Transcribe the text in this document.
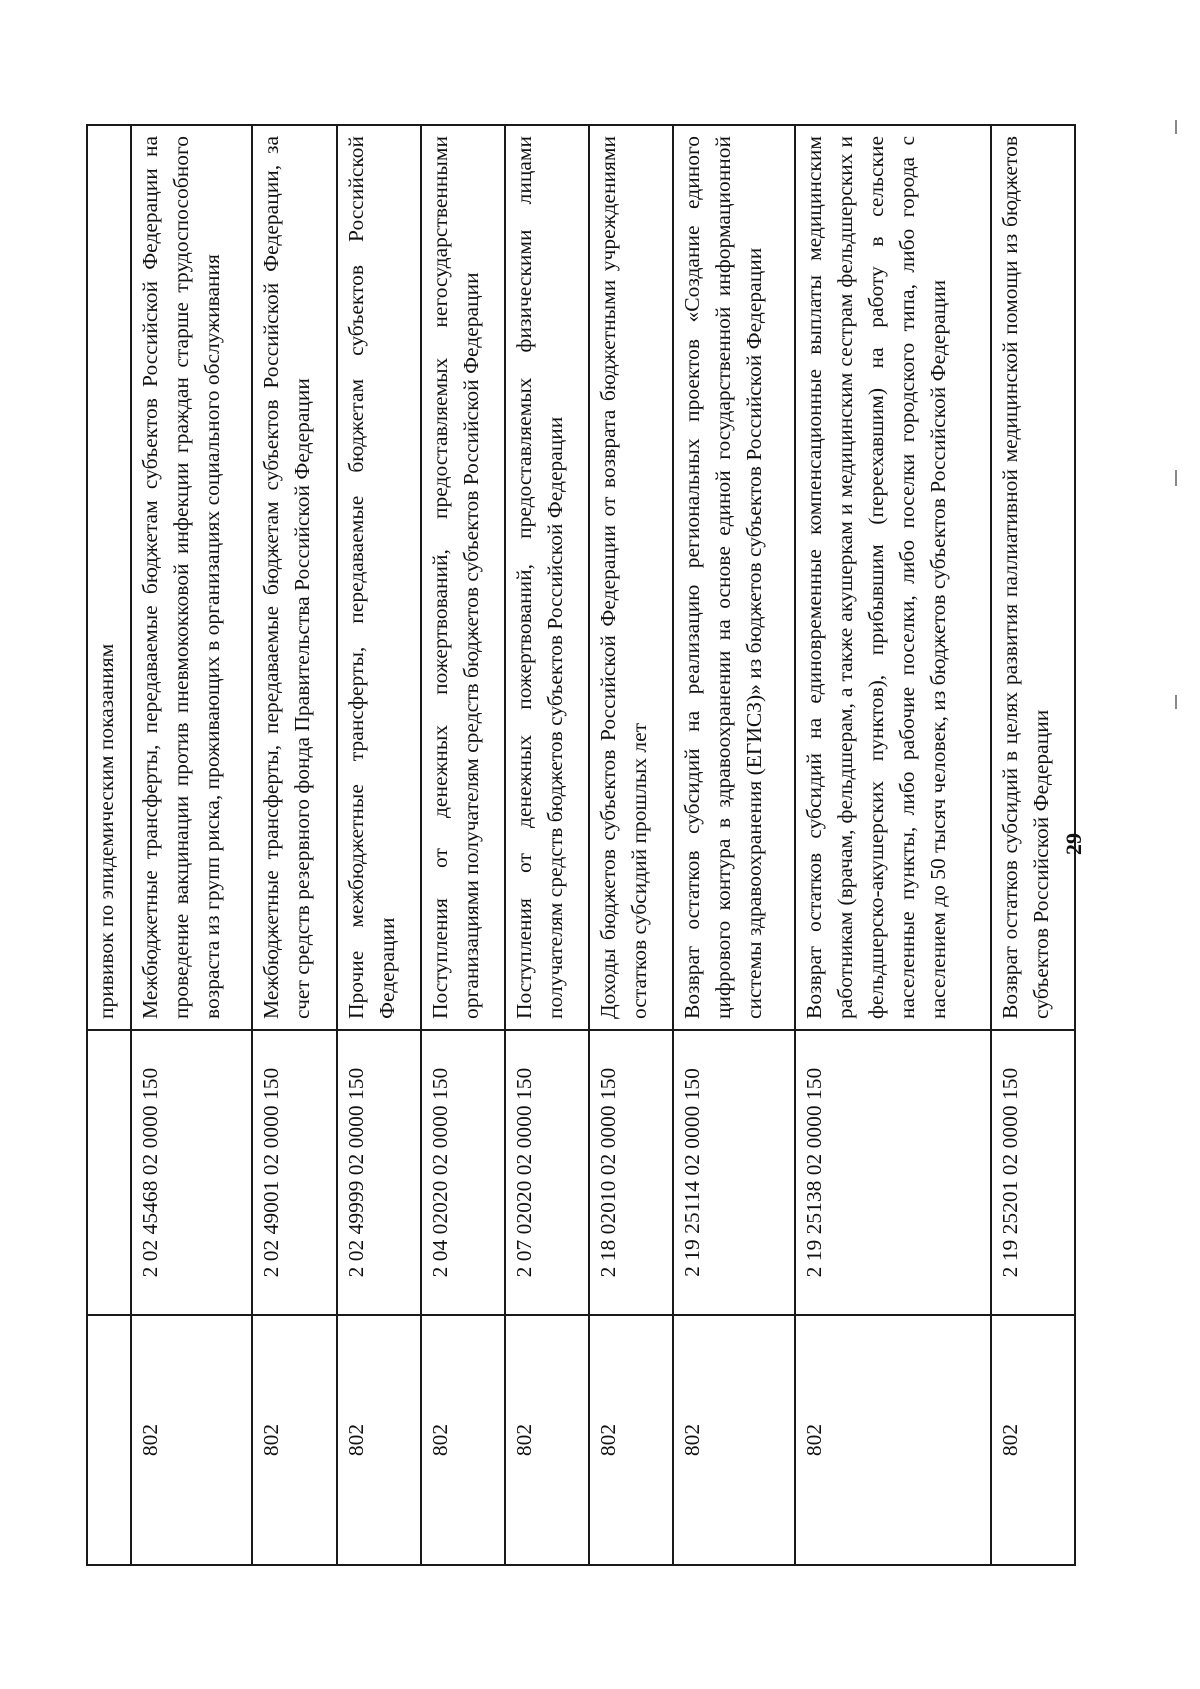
		прививок по эпидемическим показаниям
802	2 02 45468 02 0000 150	Межбюджетные трансферты, передаваемые бюджетам субъектов Российской Федерации на проведение вакцинации против пневмококковой инфекции граждан старше трудоспособного возраста из групп риска, проживающих в организациях социального обслуживания
802	2 02 49001 02 0000 150	Межбюджетные трансферты, передаваемые бюджетам субъектов Российской Федерации, за счет средств резервного фонда Правительства Российской Федерации
802	2 02 49999 02 0000 150	Прочие межбюджетные трансферты, передаваемые бюджетам субъектов Российской Федерации
802	2 04 02020 02 0000 150	Поступления от денежных пожертвований, предоставляемых негосударственными организациями получателям средств бюджетов субъектов Российской Федерации
802	2 07 02020 02 0000 150	Поступления от денежных пожертвований, предоставляемых физическими лицами получателям средств бюджетов субъектов Российской Федерации
802	2 18 02010 02 0000 150	Доходы бюджетов субъектов Российской Федерации от возврата бюджетными учреждениями остатков субсидий прошлых лет
802	2 19 25114 02 0000 150	Возврат остатков субсидий на реализацию региональных проектов «Создание единого цифрового контура в здравоохранении на основе единой государственной информационной системы здравоохранения (ЕГИСЗ)» из бюджетов субъектов Российской Федерации
802	2 19 25138 02 0000 150	Возврат остатков субсидий на единовременные компенсационные выплаты медицинским работникам (врачам, фельдшерам, а также акушеркам и медицинским сестрам фельдшерских и фельдшерско-акушерских пунктов), прибывшим (переехавшим) на работу в сельские населенные пункты, либо рабочие поселки, либо поселки городского типа, либо города с населением до 50 тысяч человек, из бюджетов субъектов Российской Федерации
802	2 19 25201 02 0000 150	Возврат остатков субсидий в целях развития паллиативной медицинской помощи из бюджетов субъектов Российской Федерации 29
